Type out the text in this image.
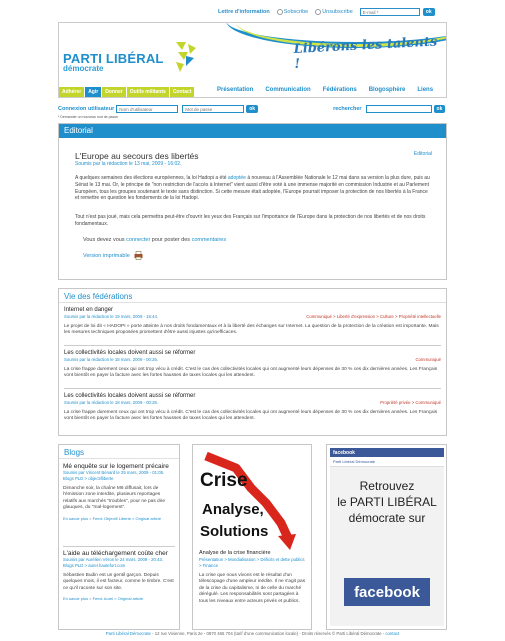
Lettre d'information	Sobscribe	Unsubscribe
E-mail *	ok
PARTI LIBÉRAL
démocrate
Libérons les talents !
Adhérer	Agir	Donner	Outils militants	Contact	Présentation Communication Fédérations Blogosphère Liens
Connexion utilisateur
Nom d'utilisateur	ok	rechercher	ok
* Demander un nouveau mot de passe
Editorial
L'Europe au secours des libertés
Soumis par la rédaction le 13 mai, 2009 - 16:02.
Editorial
A quelques semaines des élections européennes, la loi Hadopi a été adoptée à nouveau à l'Assemblée Nationale le 12 mai dans sa version la plus dure, puis au Sénat le 13 mai. Or, le principe de "non restriction de l'accès à Internet" vient aussi d'être voté à une immense majorité en commission Industrie et au Parlement Européen, tous les groupes soutenant le texte sans distinction. Si cette mesure était adoptée, l'Europe pourrait imposer la protection de nos libertés à la France et remettre en question les fondements de la loi Hadopi.
Tout n'est pas joué, mais cela permettra peut-être d'ouvrir les yeux des Français sur l'importance de l'Europe dans la protection de nos libertés et de nos droits fondamentaux.
Vous devez vous connecter pour poster des commentaires
Version imprimable
Vie des fédérations
Internet en danger
Soumis par la rédaction le 19 mars, 2009 - 15:44.	Communiqué > Liberté d'expression > Culture > Propriété intellectuelle
Le projet de loi dit « HADOPI » porte atteinte à nos droits fondamentaux et à la liberté des échanges sur Internet. La question de la protection de la création est importante. Mais les mesures techniques proposées promettent d'être aussi injustes qu'inefficaces.
Les collectivités locales doivent aussi se réformer
Soumis par la rédaction le 18 mars, 2009 - 00:26.	Communiqué
La crise frappe durement ceux qui ont trop vécu à crédit. C'est le cas des collectivités locales qui ont augmenté leurs dépenses de 30 % ces dix dernières années. Les Français vont bientôt en payer la facture avec les fortes hausses de taxes locales qui les attendent.
Les collectivités locales doivent aussi se réformer
Soumis par la rédaction le 18 mars, 2009 - 00:26.	Propriété privée > Communiqué
La crise frappe durement ceux qui ont trop vécu à crédit. C'est le cas des collectivités locales qui ont augmenté leurs dépenses de 30 % ces dix dernières années. Les Français vont bientôt en payer la facture avec les fortes hausses de taxes locales qui les attendent.
Blogs
Mé enquête sur le logement précaire
Soumis par Vincent Bénard le 25 mars, 2009 - 01:05.
Blogs PLD > objectifliberte
Dimanche soir, la chaîne M6 diffusait, lors de l'émission zone interdite, plusieurs reportages relatifs aux marchés "troubles", pour ne pas dire glauques, du "mal-logement".
En savoir plus > Feed: Objectif Liberte > Original article
L'aide au téléchargement coûte cher
Soumis par Aurélien Véron le 24 mars, 2009 - 20:43.
Blogs PLD > aurel.hautefort.com
Sébastien Budin est un gentil garçon. Depuis quelques mois, il est facteur, comme le timbre. C'est ce qu'il raconte sur son site.
En savoir plus > Feed: Aurel > Original article
Crise
Analyse,
Solutions
Analyse de la crise financière
Présentation > Mondialisation > Déficits et dette publics > Finance
La crise que nous vivons est le résultat d'un télescopage d'une ampleur inédite. Il ne s'agit pas de la crise du capitalisme, ni de celle du marché dérégulé. Les responsabilités sont partagées à tous les niveaux entre acteurs privés et publics.
facebook
Parti Libéral Démocrate
Retrouvez
le PARTI LIBÉRAL
démocrate sur
facebook
Parti Libéral Démocrate - 12 rue Vivienne, Paris 2e - 0870 465 704 (tarif d'une communication locale) - Droits réservés © Parti Libéral Démocrate - contact
